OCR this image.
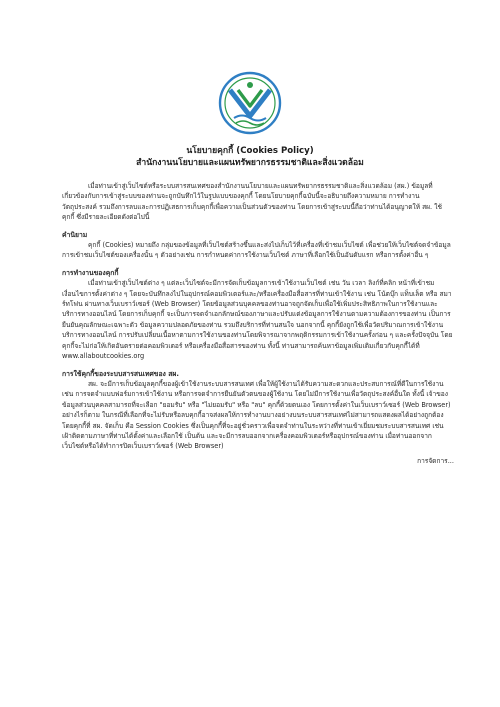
นโยบายคุกกี้ (Cookies Policy)

สำนักงานนโยบายและแผนทรัพยากรธรรมชาติและสิ่งแวดล้อม

เมื่อท่านเข้าสู่เว็บไซต์หรือระบบสารสนเทศของสำนักงานนโยบายและแผนทรัพยากรธรรมชาติและสิ่งแวดล้อม (สผ.) ข้อมูลที่เกี่ยวข้องกับการเข้าสู่ระบบของท่านจะถูกบันทึกไว้ในรูปแบบของคุกกี้ โดยนโยบายคุกกี้ฉบับนี้จะอธิบายถึงความหมาย การทำงาน วัตถุประสงค์ รวมถึงการลบและการปฏิเสธการเก็บคุกกี้เพื่อความเป็นส่วนตัวของท่าน โดยการเข้าสู่ระบบนี้ถือว่าท่านได้อนุญาตให้ สผ. ใช้คุกกี้ ซึ่งมีรายละเอียดดังต่อไปนี้

คำนิยาม

คุกกี้ (Cookies) หมายถึง กลุ่มของข้อมูลที่เว็บไซต์สร้างขึ้นและส่งไปเก็บไว้ที่เครื่องที่เข้าชมเว็บไซต์ เพื่อช่วยให้เว็บไซต์จดจำข้อมูลการเข้าชมเว็บไซต์ของเครื่องนั้น ๆ ตัวอย่างเช่น การกำหนดค่าการใช้งานเว็บไซต์ ภาษาที่เลือกใช้เป็นอันดับแรก หรือการตั้งค่าอื่น ๆ

การทำงานของคุกกี้

เมื่อท่านเข้าสู่เว็บไซต์ต่าง ๆ แต่ละเว็บไซต์จะมีการจัดเก็บข้อมูลการเข้าใช้งานเว็บไซต์ เช่น วัน เวลา ลิงก์ที่คลิก หน้าที่เข้าชม เงื่อนไขการตั้งค่าต่าง ๆ โดยจะบันทึกลงไปในอุปกรณ์คอมพิวเตอร์และ/หรือเครื่องมือสื่อสารที่ท่านเข้าใช้งาน เช่น โน้ตบุ๊ก แท็บเล็ต หรือ สมาร์ทโฟน ผ่านทางเว็บเบราว์เซอร์ (Web Browser) โดยข้อมูลส่วนบุคคลของท่านอาจถูกจัดเก็บเพื่อใช้เพิ่มประสิทธิภาพในการใช้งานและบริการทางออนไลน์ โดยการเก็บคุกกี้ จะเป็นการจดจำเอกลักษณ์ของภาษาและปรับแต่งข้อมูลการใช้งานตามความต้องการของท่าน เป็นการยืนยันคุณลักษณะเฉพาะตัว ข้อมูลความปลอดภัยของท่าน รวมถึงบริการที่ท่านสนใจ นอกจากนี้ คุกกี้ยังถูกใช้เพื่อวัดปริมาณการเข้าใช้งานบริการทางออนไลน์ การปรับเปลี่ยนเนื้อหาตามการใช้งานของท่านโดยพิจารณาจากพฤติกรรมการเข้าใช้งานครั้งก่อน ๆ และครั้งปัจจุบัน โดยคุกกี้จะไม่ก่อให้เกิดอันตรายต่อคอมพิวเตอร์ หรือเครื่องมือสื่อสารของท่าน ทั้งนี้ ท่านสามารถค้นหาข้อมูลเพิ่มเติมเกี่ยวกับคุกกี้ได้ที่ www.allaboutcookies.org

การใช้คุกกี้ของระบบสารสนเทศของ สผ.

สผ. จะมีการเก็บข้อมูลคุกกี้ของผู้เข้าใช้งานระบบสารสนเทศ เพื่อให้ผู้ใช้งานได้รับความสะดวกและประสบการณ์ที่ดีในการใช้งาน เช่น การจดจำแบบฟอร์มการเข้าใช้งาน หรือการจดจำการยืนยันตัวตนของผู้ใช้งาน โดยไม่มีการใช้งานเพื่อวัตถุประสงค์อื่นใด ทั้งนี้ เจ้าของข้อมูลส่วนบุคคลสามารถที่จะเลือก "ยอมรับ" หรือ "ไม่ยอมรับ" หรือ "ลบ" คุกกี้ด้วยตนเอง โดยการตั้งค่าในเว็บเบราว์เซอร์ (Web Browser) อย่างไรก็ตาม ในกรณีที่เลือกที่จะไม่รับหรือลบคุกกี้อาจส่งผลให้การทำงานบางอย่างบนระบบสารสนเทศไม่สามารถแสดงผลได้อย่างถูกต้อง โดยคุกกี้ที่ สผ. จัดเก็บ คือ Session Cookies ซึ่งเป็นคุกกี้ที่จะอยู่ชั่วคราวเพื่อจดจำท่านในระหว่างที่ท่านเข้าเยี่ยมชมระบบสารสนเทศ เช่น เฝ้าติดตามภาษาที่ท่านได้ตั้งค่าและเลือกใช้ เป็นต้น และจะมีการลบออกจากเครื่องคอมพิวเตอร์หรืออุปกรณ์ของท่าน เมื่อท่านออกจากเว็บไซต์หรือได้ทำการปิดเว็บเบราว์เซอร์ (Web Browser)

การจัดการ...
